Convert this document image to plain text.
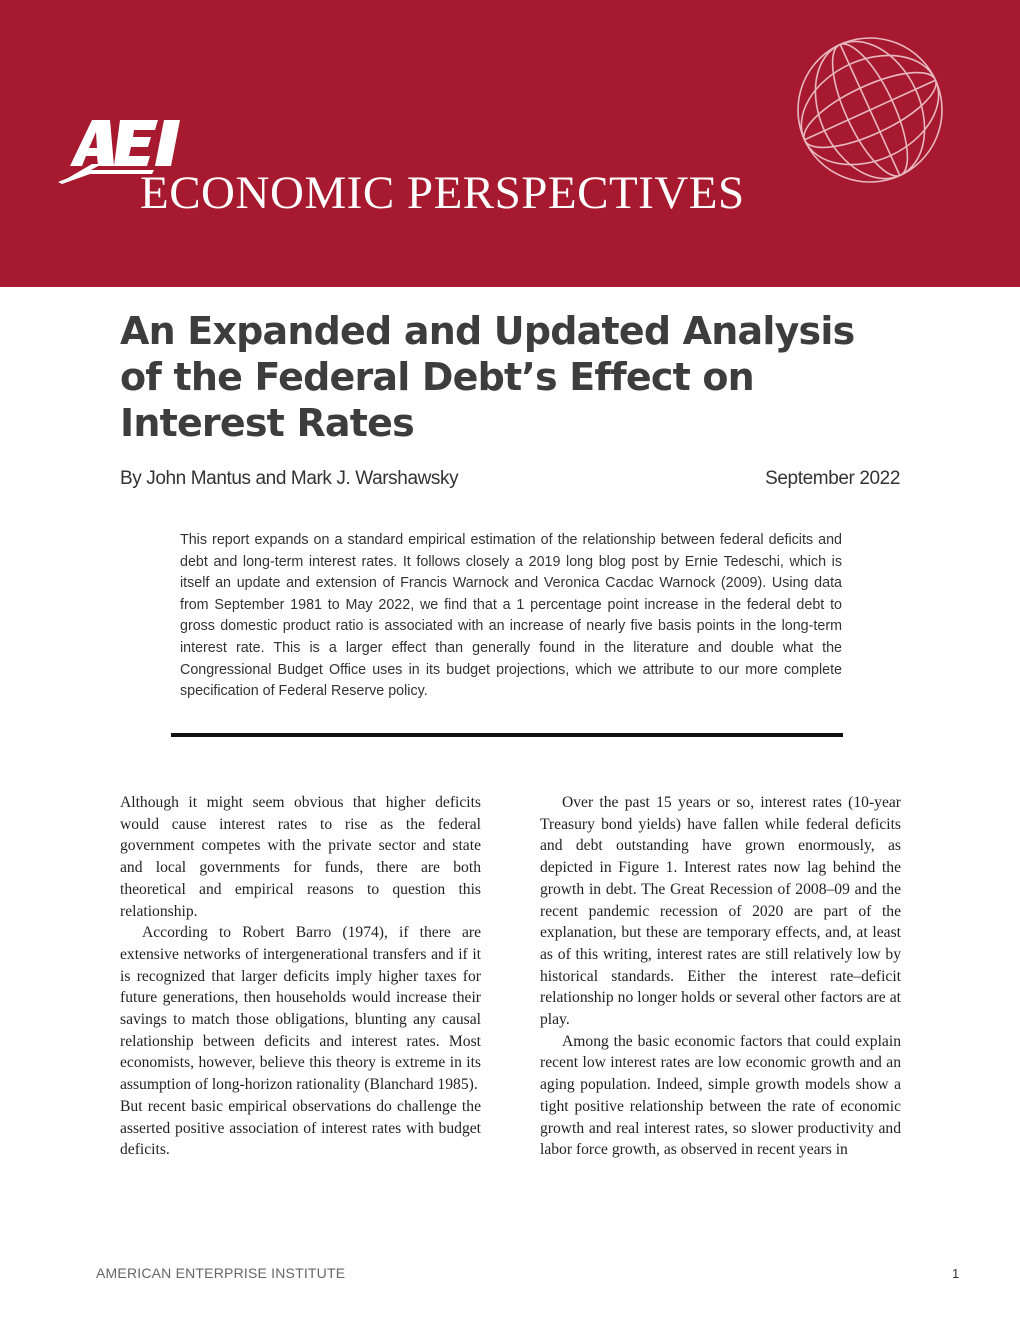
ECONOMIC PERSPECTIVES
An Expanded and Updated Analysis
of the Federal Debt’s Effect on
Interest Rates
By John Mantus and Mark J. Warshawsky	September 2022

This report expands on a standard empirical estimation of the relationship between federal deficits and debt and long-term interest rates. It follows closely a 2019 long blog post by Ernie Tedeschi, which is itself an update and extension of Francis Warnock and Veronica Cacdac Warnock (2009). Using data from September 1981 to May 2022, we find that a 1 percentage point increase in the federal debt to gross domestic product ratio is associated with an increase of nearly five basis points in the long-term interest rate. This is a larger effect than generally found in the literature and double what the Congressional Budget Office uses in its budget projections, which we attribute to our more complete specification of Federal Reserve policy.

Although it might seem obvious that higher deficits would cause interest rates to rise as the federal government competes with the private sector and state and local governments for funds, there are both theoretical and empirical reasons to question this relationship.

According to Robert Barro (1974), if there are extensive networks of intergenerational transfers and if it is recognized that larger deficits imply higher taxes for future generations, then households would increase their savings to match those obligations, blunting any causal relationship between deficits and interest rates. Most economists, however, believe this theory is extreme in its assumption of long-horizon rationality (Blanchard 1985).

But recent basic empirical observations do challenge the asserted positive association of interest rates with budget deficits.

Over the past 15 years or so, interest rates (10-year Treasury bond yields) have fallen while federal deficits and debt outstanding have grown enormously, as depicted in Figure 1. Interest rates now lag behind the growth in debt. The Great Recession of 2008–09 and the recent pandemic recession of 2020 are part of the explanation, but these are temporary effects, and, at least as of this writing, interest rates are still relatively low by historical standards. Either the interest rate–deficit relationship no longer holds or several other factors are at play.

Among the basic economic factors that could explain recent low interest rates are low economic growth and an aging population. Indeed, simple growth models show a tight positive relationship between the rate of economic growth and real interest rates, so slower productivity and labor force growth, as observed in recent years in

AMERICAN ENTERPRISE INSTITUTE	1
